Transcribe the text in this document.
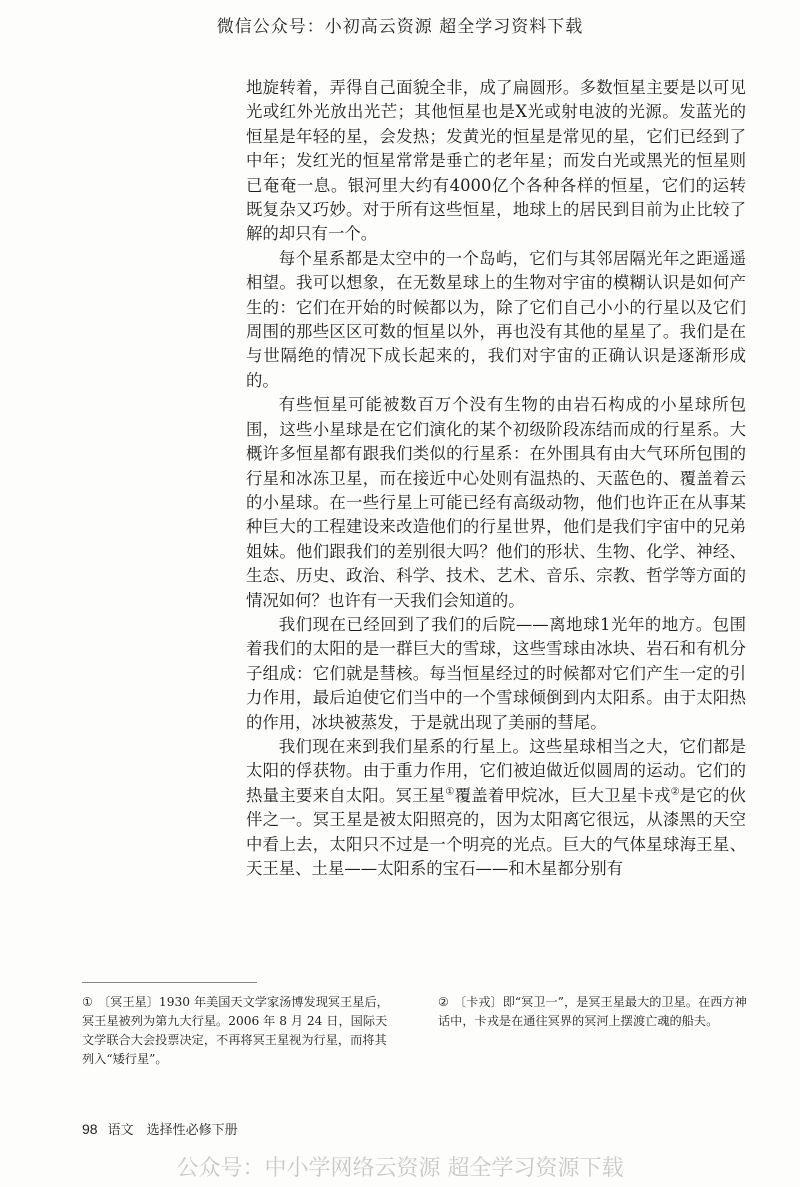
微信公众号：小初高云资源 超全学习资料下载

地旋转着，弄得自己面貌全非，成了扁圆形。多数恒星主要是以可见光或红外光放出光芒；其他恒星也是X光或射电波的光源。发蓝光的恒星是年轻的星，会发热；发黄光的恒星是常见的星，它们已经到了中年；发红光的恒星常常是垂亡的老年星；而发白光或黑光的恒星则已奄奄一息。银河里大约有4000亿个各种各样的恒星，它们的运转既复杂又巧妙。对于所有这些恒星，地球上的居民到目前为止比较了解的却只有一个。

每个星系都是太空中的一个岛屿，它们与其邻居隔光年之距遥遥相望。我可以想象，在无数星球上的生物对宇宙的模糊认识是如何产生的：它们在开始的时候都以为，除了它们自己小小的行星以及它们周围的那些区区可数的恒星以外，再也没有其他的星星了。我们是在与世隔绝的情况下成长起来的，我们对宇宙的正确认识是逐渐形成的。

有些恒星可能被数百万个没有生物的由岩石构成的小星球所包围，这些小星球是在它们演化的某个初级阶段冻结而成的行星系。大概许多恒星都有跟我们类似的行星系：在外围具有由大气环所包围的行星和冰冻卫星，而在接近中心处则有温热的、天蓝色的、覆盖着云的小星球。在一些行星上可能已经有高级动物，他们也许正在从事某种巨大的工程建设来改造他们的行星世界，他们是我们宇宙中的兄弟姐妹。他们跟我们的差别很大吗？他们的形状、生物、化学、神经、生态、历史、政治、科学、技术、艺术、音乐、宗教、哲学等方面的情况如何？也许有一天我们会知道的。

我们现在已经回到了我们的后院——离地球1光年的地方。包围着我们的太阳的是一群巨大的雪球，这些雪球由冰块、岩石和有机分子组成：它们就是彗核。每当恒星经过的时候都对它们产生一定的引力作用，最后迫使它们当中的一个雪球倾倒到内太阳系。由于太阳热的作用，冰块被蒸发，于是就出现了美丽的彗尾。

我们现在来到我们星系的行星上。这些星球相当之大，它们都是太阳的俘获物。由于重力作用，它们被迫做近似圆周的运动。它们的热量主要来自太阳。冥王星①覆盖着甲烷冰，巨大卫星卡戎②是它的伙伴之一。冥王星是被太阳照亮的，因为太阳离它很远，从漆黑的天空中看上去，太阳只不过是一个明亮的光点。巨大的气体星球海王星、天王星、土星——太阳系的宝石——和木星都分别有

① 〔冥王星〕1930 年美国天文学家汤博发现冥王星后，冥王星被列为第九大行星。2006 年 8 月 24 日，国际天文学联合大会投票决定，不再将冥王星视为行星，而将其列入“矮行星”。
② 〔卡戎〕即“冥卫一”，是冥王星最大的卫星。在西方神话中，卡戎是在通往冥界的冥河上摆渡亡魂的船夫。
98 语文　选择性必修下册
公众号：中小学网络云资源 超全学习资源下载
